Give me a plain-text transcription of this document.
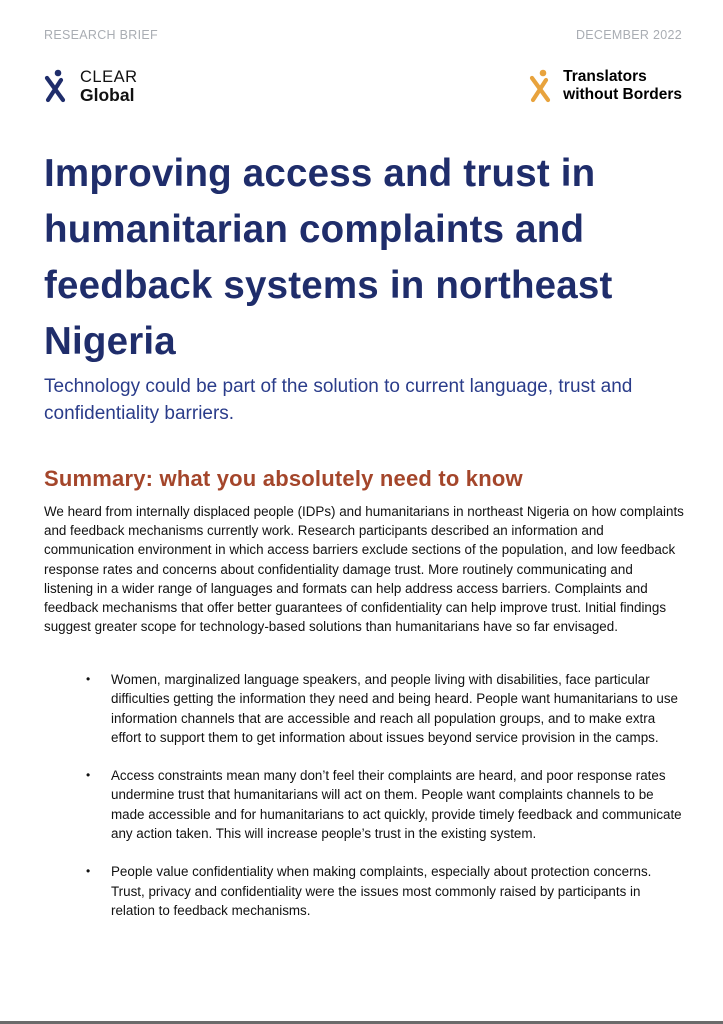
RESEARCH BRIEF	DECEMBER 2022
CLEAR
Global
Translators
without Borders
Improving access and trust in humanitarian complaints and feedback systems in northeast Nigeria

Technology could be part of the solution to current language, trust and confidentiality barriers.

Summary: what you absolutely need to know

We heard from internally displaced people (IDPs) and humanitarians in northeast Nigeria on how complaints and feedback mechanisms currently work. Research participants described an information and communication environment in which access barriers exclude sections of the population, and low feedback response rates and concerns about confidentiality damage trust. More routinely communicating and listening in a wider range of languages and formats can help address access barriers. Complaints and feedback mechanisms that offer better guarantees of confidentiality can help improve trust. Initial findings suggest greater scope for technology-based solutions than humanitarians have so far envisaged.

• Women, marginalized language speakers, and people living with disabilities, face particular difficulties getting the information they need and being heard. People want humanitarians to use information channels that are accessible and reach all population groups, and to make extra effort to support them to get information about issues beyond service provision in the camps.
• Access constraints mean many don’t feel their complaints are heard, and poor response rates undermine trust that humanitarians will act on them. People want complaints channels to be made accessible and for humanitarians to act quickly, provide timely feedback and communicate any action taken. This will increase people’s trust in the existing system.
• People value confidentiality when making complaints, especially about protection concerns. Trust, privacy and confidentiality were the issues most commonly raised by participants in relation to feedback mechanisms.
